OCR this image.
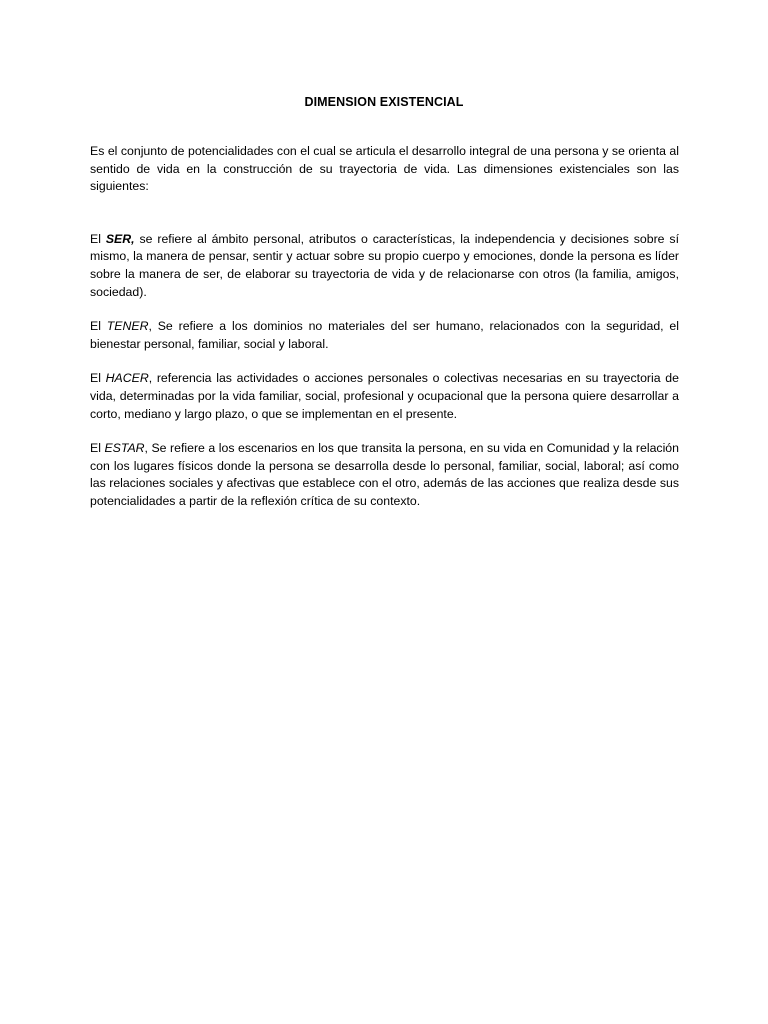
DIMENSION EXISTENCIAL

Es el conjunto de potencialidades con el cual se articula el desarrollo integral de una persona y se orienta al sentido de vida en la construcción de su trayectoria de vida. Las dimensiones existenciales son las siguientes:

El SER, se refiere al ámbito personal, atributos o características, la independencia y decisiones sobre sí mismo, la manera de pensar, sentir y actuar sobre su propio cuerpo y emociones, donde la persona es líder sobre la manera de ser, de elaborar su trayectoria de vida y de relacionarse con otros (la familia, amigos, sociedad).

El TENER, Se refiere a los dominios no materiales del ser humano, relacionados con la seguridad, el bienestar personal, familiar, social y laboral.

El HACER, referencia las actividades o acciones personales o colectivas necesarias en su trayectoria de vida, determinadas por la vida familiar, social, profesional y ocupacional que la persona quiere desarrollar a corto, mediano y largo plazo, o que se implementan en el presente.

El ESTAR, Se refiere a los escenarios en los que transita la persona, en su vida en Comunidad y la relación con los lugares físicos donde la persona se desarrolla desde lo personal, familiar, social, laboral; así como las relaciones sociales y afectivas que establece con el otro, además de las acciones que realiza desde sus potencialidades a partir de la reflexión crítica de su contexto.
